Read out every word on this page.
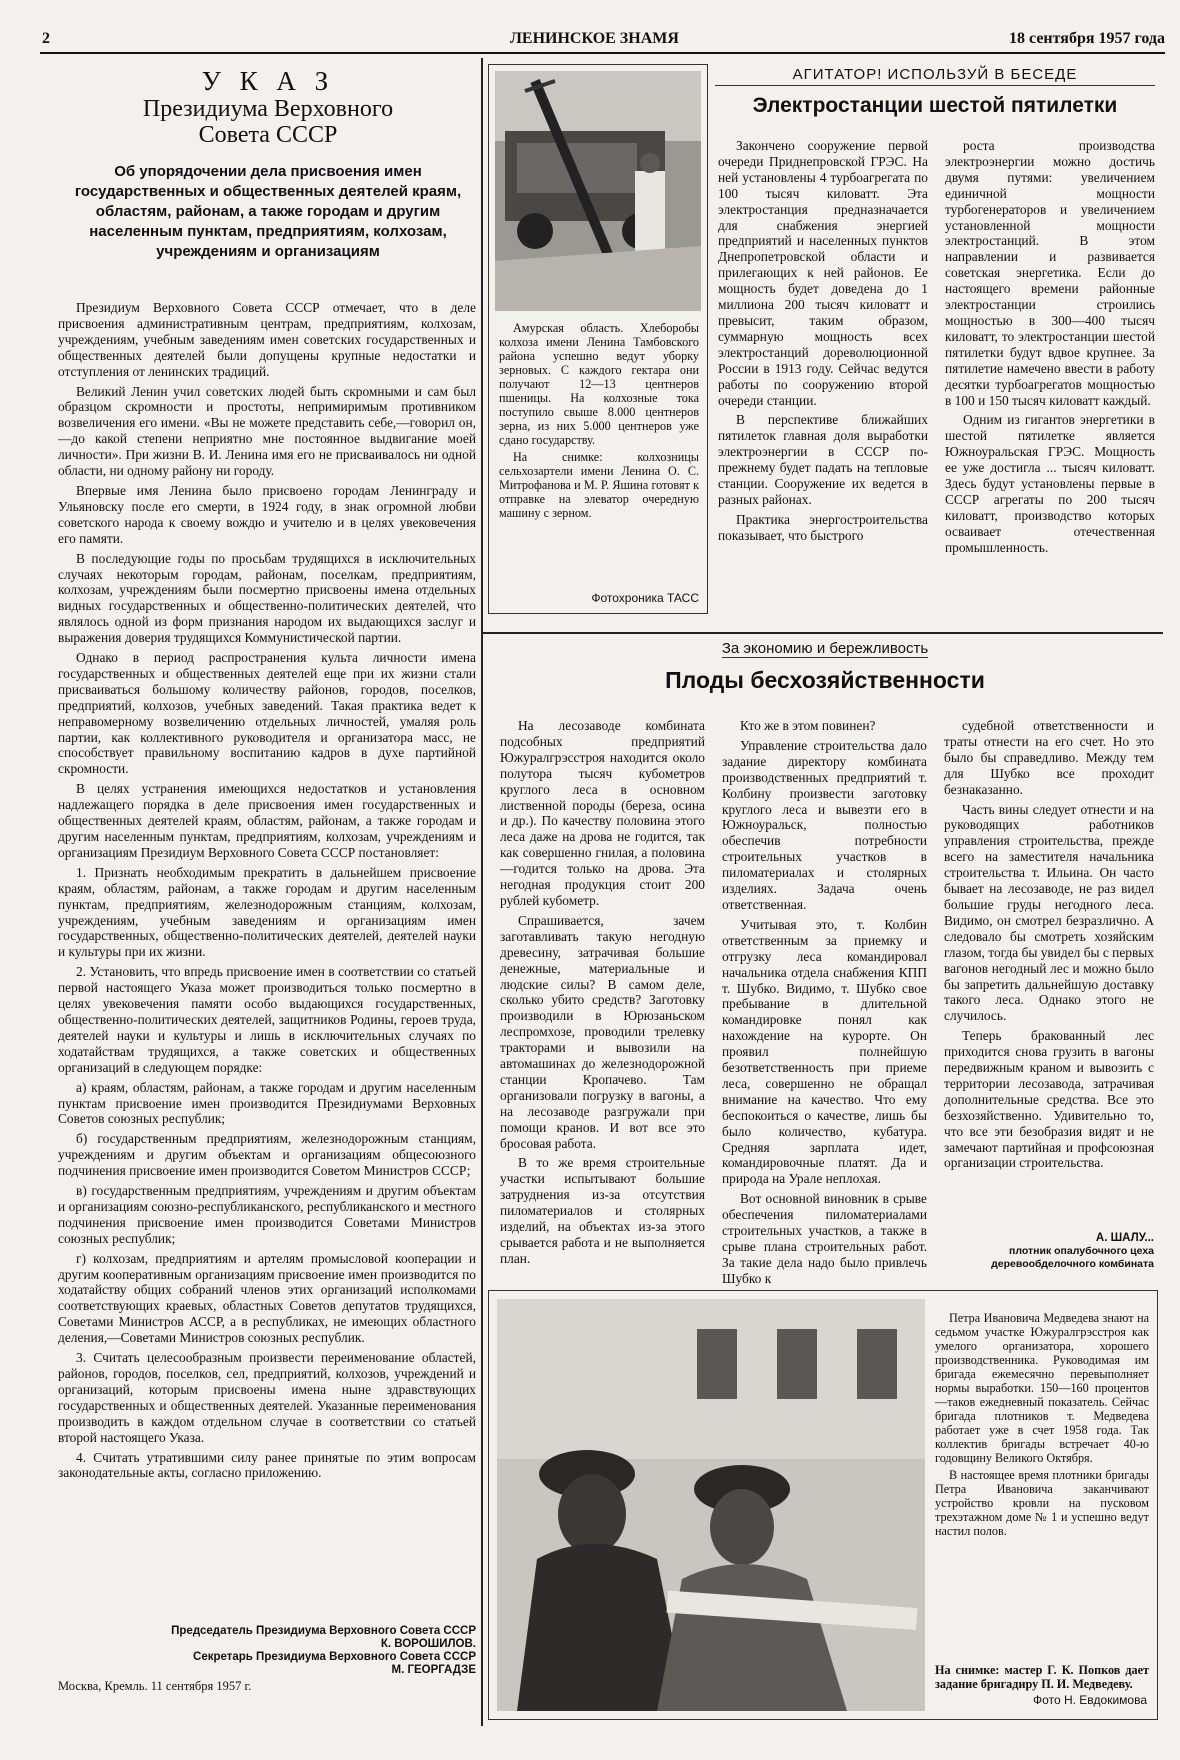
2	ЛЕНИНСКОЕ ЗНАМЯ	18 сентября 1957 года
У К А З
Президиума Верховного
Совета СССР
Об упорядочении дела присвоения имен государственных и общественных деятелей краям, областям, районам, а также городам и другим населенным пунктам, предприятиям, колхозам, учреждениям и организациям

Президиум Верховного Совета СССР отмечает, что в деле присвоения административным центрам, предприятиям, колхозам, учреждениям, учебным заведениям имен советских государственных и общественных деятелей были допущены крупные недостатки и отступления от ленинских традиций.

Великий Ленин учил советских людей быть скромными и сам был образцом скромности и простоты, непримиримым противником возвеличения его имени. «Вы не можете представить себе,—говорил он,—до какой степени неприятно мне постоянное выдвигание моей личности». При жизни В. И. Ленина имя его не присваивалось ни одной области, ни одному району ни городу.

Впервые имя Ленина было присвоено городам Ленинграду и Ульяновску после его смерти, в 1924 году, в знак огромной любви советского народа к своему вождю и учителю и в целях увековечения его памяти.

В последующие годы по просьбам трудящихся в исключительных случаях некоторым городам, районам, поселкам, предприятиям, колхозам, учреждениям были посмертно присвоены имена отдельных видных государственных и общественно-политических деятелей, что являлось одной из форм признания народом их выдающихся заслуг и выражения доверия трудящихся Коммунистической партии.

Однако в период распространения культа личности имена государственных и общественных деятелей еще при их жизни стали присваиваться большому количеству районов, городов, поселков, предприятий, колхозов, учебных заведений. Такая практика ведет к неправомерному возвеличению отдельных личностей, умаляя роль партии, как коллективного руководителя и организатора масс, не способствует правильному воспитанию кадров в духе партийной скромности.

В целях устранения имеющихся недостатков и установления надлежащего порядка в деле присвоения имен государственных и общественных деятелей краям, областям, районам, а также городам и другим населенным пунктам, предприятиям, колхозам, учреждениям и организациям Президиум Верховного Совета СССР постановляет:

1. Признать необходимым прекратить в дальнейшем присвоение краям, областям, районам, а также городам и другим населенным пунктам, предприятиям, железнодорожным станциям, колхозам, учреждениям, учебным заведениям и организациям имен государственных, общественно-политических деятелей, деятелей науки и культуры при их жизни.

2. Установить, что впредь присвоение имен в соответствии со статьей первой настоящего Указа может производиться только посмертно в целях увековечения памяти особо выдающихся государственных, общественно-политических деятелей, защитников Родины, героев труда, деятелей науки и культуры и лишь в исключительных случаях по ходатайствам трудящихся, а также советских и общественных организаций в следующем порядке:

а) краям, областям, районам, а также городам и другим населенным пунктам присвоение имен производится Президиумами Верховных Советов союзных республик;

б) государственным предприятиям, железнодорожным станциям, учреждениям и другим объектам и организациям общесоюзного подчинения присвоение имен производится Советом Министров СССР;

в) государственным предприятиям, учреждениям и другим объектам и организациям союзно-республиканского, республиканского и местного подчинения присвоение имен производится Советами Министров союзных республик;

г) колхозам, предприятиям и артелям промысловой кооперации и другим кооперативным организациям присвоение имен производится по ходатайству общих собраний членов этих организаций исполкомами соответствующих краевых, областных Советов депутатов трудящихся, Советами Министров АССР, а в республиках, не имеющих областного деления,—Советами Министров союзных республик.

3. Считать целесообразным произвести переименование областей, районов, городов, поселков, сел, предприятий, колхозов, учреждений и организаций, которым присвоены имена ныне здравствующих государственных и общественных деятелей. Указанные переименования производить в каждом отдельном случае в соответствии со статьей второй настоящего Указа.

4. Считать утратившими силу ранее принятые по этим вопросам законодательные акты, согласно приложению.

Председатель Президиума Верховного Совета СССР
К. ВОРОШИЛОВ.
Секретарь Президиума Верховного Совета СССР
М. ГЕОРГАДЗЕ
Москва, Кремль. 11 сентября 1957 г.

Амурская область. Хлеборобы колхоза имени Ленина Тамбовского района успешно ведут уборку зерновых. С каждого гектара они получают 12—13 центнеров пшеницы. На колхозные тока поступило свыше 8.000 центнеров зерна, из них 5.000 центнеров уже сдано государству.

На снимке: колхозницы сельхозартели имени Ленина О. С. Митрофанова и М. Р. Яшина готовят к отправке на элеватор очередную машину с зерном.

Фотохроника ТАСС
АГИТАТОР! ИСПОЛЬЗУЙ В БЕСЕДЕ
Электростанции шестой пятилетки

Закончено сооружение первой очереди Приднепровской ГРЭС. На ней установлены 4 турбоагрегата по 100 тысяч киловатт. Эта электростанция предназначается для снабжения энергией предприятий и населенных пунктов Днепропетровской области и прилегающих к ней районов. Ее мощность будет доведена до 1 миллиона 200 тысяч киловатт и превысит, таким образом, суммарную мощность всех электростанций дореволюционной России в 1913 году. Сейчас ведутся работы по сооружению второй очереди станции.

В перспективе ближайших пятилеток главная доля выработки электроэнергии в СССР по-прежнему будет падать на тепловые станции. Сооружение их ведется в разных районах.

Практика энергостроительства показывает, что быстрого

роста производства электроэнергии можно достичь двумя путями: увеличением единичной мощности турбогенераторов и увеличением установленной мощности электростанций. В этом направлении и развивается советская энергетика. Если до настоящего времени районные электростанции строились мощностью в 300—400 тысяч киловатт, то электростанции шестой пятилетки будут вдвое крупнее. За пятилетие намечено ввести в работу десятки турбоагрегатов мощностью в 100 и 150 тысяч киловатт каждый.

Одним из гигантов энергетики в шестой пятилетке является Южноуральская ГРЭС. Мощность ее уже достигла ... тысяч киловатт. Здесь будут установлены первые в СССР агрегаты по 200 тысяч киловатт, производство которых осваивает отечественная промышленность.

За экономию и бережливость
Плоды бесхозяйственности

На лесозаводе комбината подсобных предприятий Южуралгрэсстроя находится около полутора тысяч кубометров круглого леса в основном лиственной породы (береза, осина и др.). По качеству половина этого леса даже на дрова не годится, так как совершенно гнилая, а половина—годится только на дрова. Эта негодная продукция стоит 200 рублей кубометр.

Спрашивается, зачем заготавливать такую негодную древесину, затрачивая большие денежные, материальные и людские силы? В самом деле, сколько убито средств? Заготовку производили в Юрюзаньском леспромхозе, проводили трелевку тракторами и вывозили на автомашинах до железнодорожной станции Кропачево. Там организовали погрузку в вагоны, а на лесозаводе разгружали при помощи кранов. И вот все это бросовая работа.

В то же время строительные участки испытывают большие затруднения из-за отсутствия пиломатериалов и столярных изделий, на объектах из-за этого срывается работа и не выполняется план.

Кто же в этом повинен?

Управление строительства дало задание директору комбината производственных предприятий т. Колбину произвести заготовку круглого леса и вывезти его в Южноуральск, полностью обеспечив потребности строительных участков в пиломатериалах и столярных изделиях. Задача очень ответственная.

Учитывая это, т. Колбин ответственным за приемку и отгрузку леса командировал начальника отдела снабжения КПП т. Шубко. Видимо, т. Шубко свое пребывание в длительной командировке понял как нахождение на курорте. Он проявил полнейшую безответственность при приеме леса, совершенно не обращал внимание на качество. Что ему беспокоиться о качестве, лишь бы было количество, кубатура. Средняя зарплата идет, командировочные платят. Да и природа на Урале неплохая.

Вот основной виновник в срыве обеспечения пиломатериалами строительных участков, а также в срыве плана строительных работ. За такие дела надо было привлечь Шубко к

судебной ответственности и траты отнести на его счет. Но это было бы справедливо. Между тем для Шубко все проходит безнаказанно.

Часть вины следует отнести и на руководящих работников управления строительства, прежде всего на заместителя начальника строительства т. Ильина. Он часто бывает на лесозаводе, не раз видел большие груды негодного леса. Видимо, он смотрел безразлично. А следовало бы смотреть хозяйским глазом, тогда бы увидел бы с первых вагонов негодный лес и можно было бы запретить дальнейшую доставку такого леса. Однако этого не случилось.

Теперь бракованный лес приходится снова грузить в вагоны передвижным краном и вывозить с территории лесозавода, затрачивая дополнительные средства. Все это безхозяйственно. Удивительно то, что все эти безобразия видят и не замечают партийная и профсоюзная организации строительства.

А. ШАЛУ...
плотник опалубочного цеха
деревообделочного комбината

Петра Ивановича Медведева знают на седьмом участке Южуралгрэсстроя как умелого организатора, хорошего производственника. Руководимая им бригада ежемесячно перевыполняет нормы выработки. 150—160 процентов—таков ежедневный показатель. Сейчас бригада плотников т. Медведева работает уже в счет 1958 года. Так коллектив бригады встречает 40-ю годовщину Великого Октября.

В настоящее время плотники бригады Петра Ивановича заканчивают устройство кровли на пусковом трехэтажном доме № 1 и успешно ведут настил полов.

На снимке: мастер Г. К. Попков дает задание бригадиру П. И. Медведеву.
Фото Н. Евдокимова
